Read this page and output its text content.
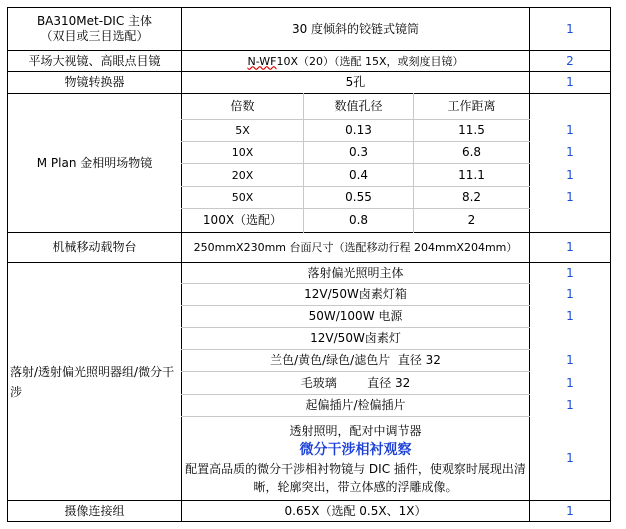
BA310Met-DIC 主体
（双目或三目选配）
30 度倾斜的铰链式镜筒	1
平场大视镜、高眼点目镜	N-WF 10X（20）（选配 15X，或刻度目镜）	2
物镜转换器	5孔	1
M Plan 金相明场物镜
倍数	数值孔径	工作距离
5X	0.13	11.5	1
10X	0.3	6.8	1
20X	0.4	11.1	1
50X	0.55	8.2	1
100X（选配）	0.8	2
机械移动载物台	250mmX230mm 台面尺寸（选配移动行程 204mmX204mm）	1
落射/透射偏光照明器组/微分干涉
落射偏光照明主体	1
12V/50W卤素灯箱	1
50W/100W 电源	1
12V/50W卤素灯
兰色/黄色/绿色/滤色片  直径 32	1
毛玻璃        直径 32	1
起偏插片/检偏插片	1
透射照明，配对中调节器
微分干涉相衬观察
配置高品质的微分干涉相衬物镜与 DIC 插件，使观察时展现出清晰，轮廓突出，带立体感的浮雕成像。
1
摄像连接组	0.65X（选配 0.5X、1X）	1
